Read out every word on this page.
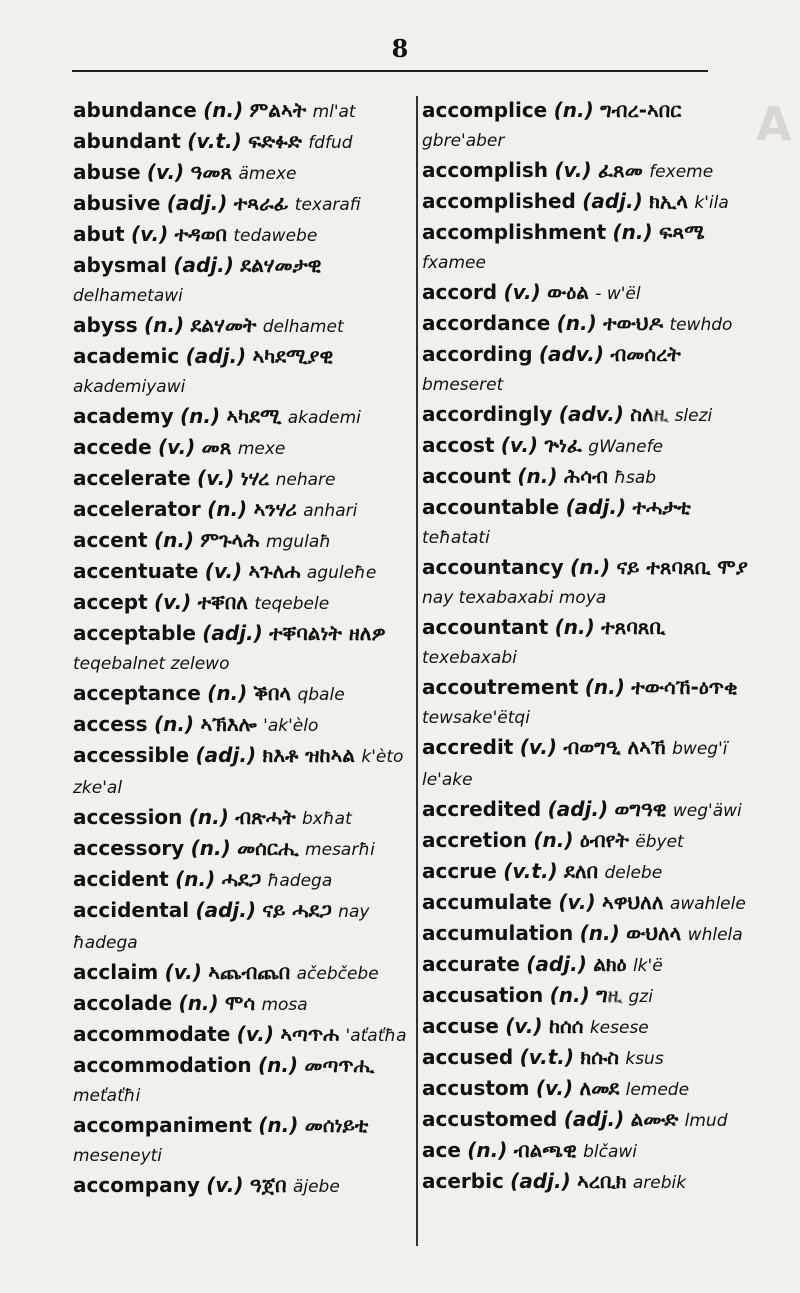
8
A

abundance (n.) ምልኣት ml'at

abundant (v.t.) ፍድፉድ fdfud

abuse (v.) ዓመጸ ämexe

abusive (adj.) ተጻራፊ texarafi

abut (v.) ተዳወበ tedawebe

abysmal (adj.) ደልሃመታዊ delhametawi

abyss (n.) ደልሃመት delhamet

academic (adj.) ኣካደሚያዊ akademiyawi

academy (n.) ኣካደሚ akademi

accede (v.) መጸ mexe

accelerate (v.) ነሃረ nehare

accelerator (n.) ኣንሃሪ anhari

accent (n.) ምጉላሕ mgulaħ

accentuate (v.) ኣጉለሐ aguleħe

accept (v.) ተቐበለ teqebele

acceptable (adj.) ተቐባልነት ዘለዎ teqebalnet zelewo

acceptance (n.) ቕበላ qbale

access (n.) ኣኽእሎ 'ak'èlo

accessible (adj.) ክእቶ ዝከኣል k'èto zke'al

accession (n.) ብጽሓት bxħat

accessory (n.) መሰርሒ mesarħi

accident (n.) ሓደጋ ħadega

accidental (adj.) ናይ ሓደጋ nay ħadega

acclaim (v.) ኣጨብጨበ ačebčebe

accolade (n.) ሞሳ mosa

accommodate (v.) ኣጣጥሐ 'aťaťħa

accommodation (n.) መጣጥሒ meťaťħi

accompaniment (n.) መሰነይቲ meseneyti

accompany (v.) ዓጀበ äjebe

accomplice (n.) ግብረ-ኣበር gbre'aber

accomplish (v.) ፈጸመ fexeme

accomplished (adj.) ክኢላ k'ila

accomplishment (n.) ፍጻሜ fxamee

accord (v.) ውዕል - w'ël

accordance (n.) ተውህዶ tewhdo

according (adv.) ብመሰረት bmeseret

accordingly (adv.) ስለዚ slezi

accost (v.) ጕነፈ gWanefe

account (n.) ሕሳብ ħsab

accountable (adj.) ተሓታቲ teħatati

accountancy (n.) ናይ ተጸባጸቢ ሞያ nay texabaxabi moya

accountant (n.) ተጸባጸቢ texebaxabi

accoutrement (n.) ተውሳኸ-ዕጥቂ tewsake'ëtqi

accredit (v.) ብወግዒ ለኣኸ bweg'ï le'ake

accredited (adj.) ወግዓዊ weg'äwi

accretion (n.) ዕብየት ëbyet

accrue (v.t.) ደለበ delebe

accumulate (v.) ኣዋህለለ awahlele

accumulation (n.) ውህለላ whlela

accurate (adj.) ልክዕ lk'ë

accusation (n.) ግዚ gzi

accuse (v.) ከሰሰ kesese

accused (v.t.) ክሱስ ksus

accustom (v.) ለመደ lemede

accustomed (adj.) ልሙድ lmud

ace (n.) ብልጫዊ blčawi

acerbic (adj.) ኣረቢክ arebik
